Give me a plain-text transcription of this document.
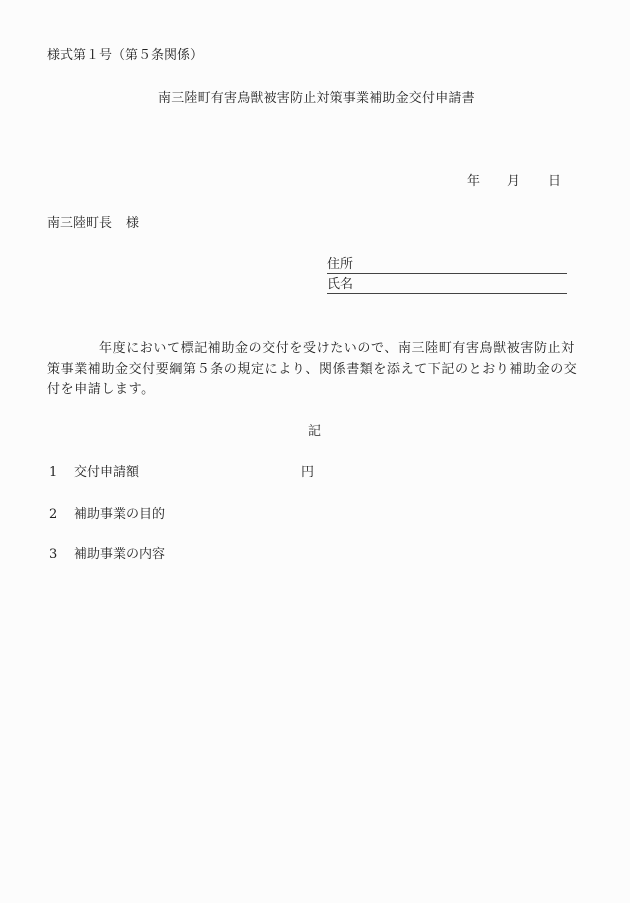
様式第１号（第５条関係）
南三陸町有害鳥獣被害防止対策事業補助金交付申請書
年 月 日
南三陸町長 様
住所
氏名
年度において標記補助金の交付を受けたいので、南三陸町有害鳥獣被害防止対策事業補助金交付要綱第５条の規定により、関係書類を添えて下記のとおり補助金の交付を申請します。
記
1 交付申請額	円
2 補助事業の目的
3 補助事業の内容
